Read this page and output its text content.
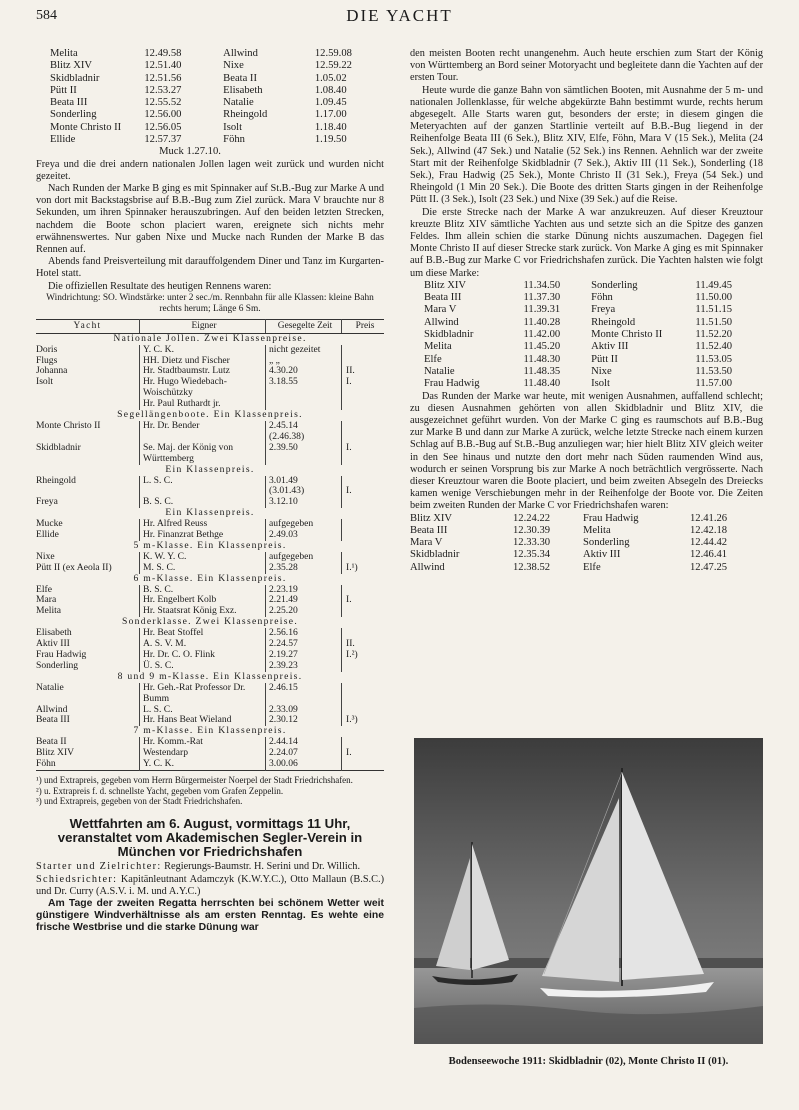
584	DIE YACHT
Melita	12.49.58	Allwind	12.59.08
Blitz XIV	12.51.40	Nixe	12.59.22
Skidbladnir	12.51.56	Beata II	1.05.02
Pütt II	12.53.27	Elisabeth	1.08.40
Beata III	12.55.52	Natalie	1.09.45
Sonderling	12.56.00	Rheingold	1.17.00
Monte Christo II	12.56.05	Isolt	1.18.40
Ellide	12.57.37	Föhn	1.19.50
Muck 1.27.10.

Freya und die drei andern nationalen Jollen lagen weit zurück und wurden nicht gezeitet.

Nach Runden der Marke B ging es mit Spinnaker auf St.B.-Bug zur Marke A und von dort mit Backstagsbrise auf B.B.-Bug zum Ziel zurück. Mara V brauchte nur 8 Sekunden, um ihren Spinnaker herauszubringen. Auf den beiden letzten Strecken, nachdem die Boote schon placiert waren, ereignete sich nichts mehr erwähnenswertes. Nur gaben Nixe und Mucke nach Runden der Marke B das Rennen auf.

Abends fand Preisverteilung mit darauffolgendem Diner und Tanz im Kurgarten-Hotel statt.

Die offiziellen Resultate des heutigen Rennens waren:

Windrichtung: SO. Windstärke: unter 2 sec./m. Rennbahn für alle Klassen: kleine Bahn rechts herum; Länge 6 Sm.

Yacht	Eigner	Gesegelte Zeit	Preis
Nationale Jollen. Zwei Klassenpreise.			
Doris	Y. C. K.	nicht gezeitet	
Flugs	HH. Dietz und Fischer	„ „	
Johanna	Hr. Stadtbaumstr. Lutz	4.30.20	II.
Isolt	Hr. Hugo Wiedebach-Woischützky	3.18.55	I.
	Hr. Paul Ruthardt jr.		
Segellängenboote. Ein Klassenpreis.			
Monte Christo II	Hr. Dr. Bender	2.45.14	
		(2.46.38)	
Skidbladnir	Se. Maj. der König von Württemberg	2.39.50	I.
Ein Klassenpreis.			
Rheingold	L. S. C.	3.01.49	
		(3.01.43)	I.
Freya	B. S. C.	3.12.10	
Ein Klassenpreis.			
Mucke	Hr. Alfred Reuss	aufgegeben	
Ellide	Hr. Finanzrat Bethge	2.49.03	
5 m-Klasse. Ein Klassenpreis.			
Nixe	K. W. Y. C.	aufgegeben	
Pütt II (ex Aeola II)	M. S. C.	2.35.28	I.¹)
6 m-Klasse. Ein Klassenpreis.			
Elfe	B. S. C.	2.23.19	
Mara	Hr. Engelbert Kolb	2.21.49	I.
Melita	Hr. Staatsrat König Exz.	2.25.20	
Sonderklasse. Zwei Klassenpreise.			
Elisabeth	Hr. Beat Stoffel	2.56.16	
Aktiv III	A. S. V. M.	2.24.57	II.
Frau Hadwig	Hr. Dr. C. O. Flink	2.19.27	I.²)
Sonderling	Ü. S. C.	2.39.23	
8 und 9 m-Klasse. Ein Klassenpreis.			
Natalie	Hr. Geh.-Rat Professor Dr. Bumm	2.46.15	
Allwind	L. S. C.	2.33.09	
Beata III	Hr. Hans Beat Wieland	2.30.12	I.³)
7 m-Klasse. Ein Klassenpreis.			
Beata II	Hr. Komm.-Rat	2.44.14	
Blitz XIV	Westendarp	2.24.07	I.
Föhn	Y. C. K.	3.00.06	
¹) und Extrapreis, gegeben vom Herrn Bürgermeister Noerpel der Stadt Friedrichshafen.
²) u. Extrapreis f. d. schnellste Yacht, gegeben vom Grafen Zeppelin.
³) und Extrapreis, gegeben von der Stadt Friedrichshafen.
Wettfahrten am 6. August, vormittags 11 Uhr, veranstaltet vom Akademischen Segler-Verein in München vor Friedrichshafen

Starter und Zielrichter: Regierungs-Baumstr. H. Serini und Dr. Willich.

Schiedsrichter: Kapitänleutnant Adamczyk (K.W.Y.C.), Otto Mallaun (B.S.C.) und Dr. Curry (A.S.V. i. M. und A.Y.C.)

Am Tage der zweiten Regatta herrschten bei schönem Wetter weit günstigere Windverhältnisse als am ersten Renntag. Es wehte eine frische Westbrise und die starke Dünung war

den meisten Booten recht unangenehm. Auch heute erschien zum Start der König von Württemberg an Bord seiner Motoryacht und begleitete dann die Yachten auf der ersten Tour.

Heute wurde die ganze Bahn von sämtlichen Booten, mit Ausnahme der 5 m- und nationalen Jollenklasse, für welche abgekürzte Bahn bestimmt wurde, rechts herum abgesegelt. Alle Starts waren gut, besonders der erste; in diesem gingen die Meteryachten auf der ganzen Startlinie verteilt auf B.B.-Bug liegend in der Reihenfolge Beata III (6 Sek.), Blitz XIV, Elfe, Föhn, Mara V (15 Sek.), Melita (24 Sek.), Allwind (47 Sek.) und Natalie (52 Sek.) ins Rennen. Aehnlich war der zweite Start mit der Reihenfolge Skidbladnir (7 Sek.), Aktiv III (11 Sek.), Sonderling (18 Sek.), Frau Hadwig (25 Sek.), Monte Christo II (31 Sek.), Freya (54 Sek.) und Rheingold (1 Min 20 Sek.). Die Boote des dritten Starts gingen in der Reihenfolge Pütt II. (3 Sek.), Isolt (23 Sek.) und Nixe (39 Sek.) auf die Reise.

Die erste Strecke nach der Marke A war anzukreuzen. Auf dieser Kreuztour kreuzte Blitz XIV sämtliche Yachten aus und setzte sich an die Spitze des ganzen Feldes. Ihm allein schien die starke Dünung nichts auszumachen. Dagegen fiel Monte Christo II auf dieser Strecke stark zurück. Von Marke A ging es mit Spinnaker auf B.B.-Bug zur Marke C vor Friedrichshafen zurück. Die Yachten halsten wie folgt um diese Marke:

Blitz XIV	11.34.50	Sonderling	11.49.45
Beata III	11.37.30	Föhn	11.50.00
Mara V	11.39.31	Freya	11.51.15
Allwind	11.40.28	Rheingold	11.51.50
Skidbladnir	11.42.00	Monte Christo II	11.52.20
Melita	11.45.20	Aktiv III	11.52.40
Elfe	11.48.30	Pütt II	11.53.05
Natalie	11.48.35	Nixe	11.53.50
Frau Hadwig	11.48.40	Isolt	11.57.00

Das Runden der Marke war heute, mit wenigen Ausnahmen, auffallend schlecht; zu diesen Ausnahmen gehörten von allen Skidbladnir und Blitz XIV, die ausgezeichnet geführt wurden. Von der Marke C ging es raumschots auf B.B.-Bug zur Marke B und dann zur Marke A zurück, welche letzte Strecke nach einem kurzen Schlag auf B.B.-Bug auf St.B.-Bug anzuliegen war; hier hielt Blitz XIV gleich weiter in den See hinaus und nutzte den dort mehr nach Süden raumenden Wind aus, wodurch er seinen Vorsprung bis zur Marke A noch beträchtlich vergrösserte. Nach dieser Kreuztour waren die Boote placiert, und beim zweiten Absegeln des Dreiecks kamen wenige Verschiebungen mehr in der Reihenfolge der Boote vor. Die Zeiten beim zweiten Runden der Marke C vor Friedrichshafen waren:

Blitz XIV	12.24.22	Frau Hadwig	12.41.26
Beata III	12.30.39	Melita	12.42.18
Mara V	12.33.30	Sonderling	12.44.42
Skidbladnir	12.35.34	Aktiv III	12.46.41
Allwind	12.38.52	Elfe	12.47.25
Bodenseewoche 1911: Skidbladnir (02), Monte Christo II (01).
